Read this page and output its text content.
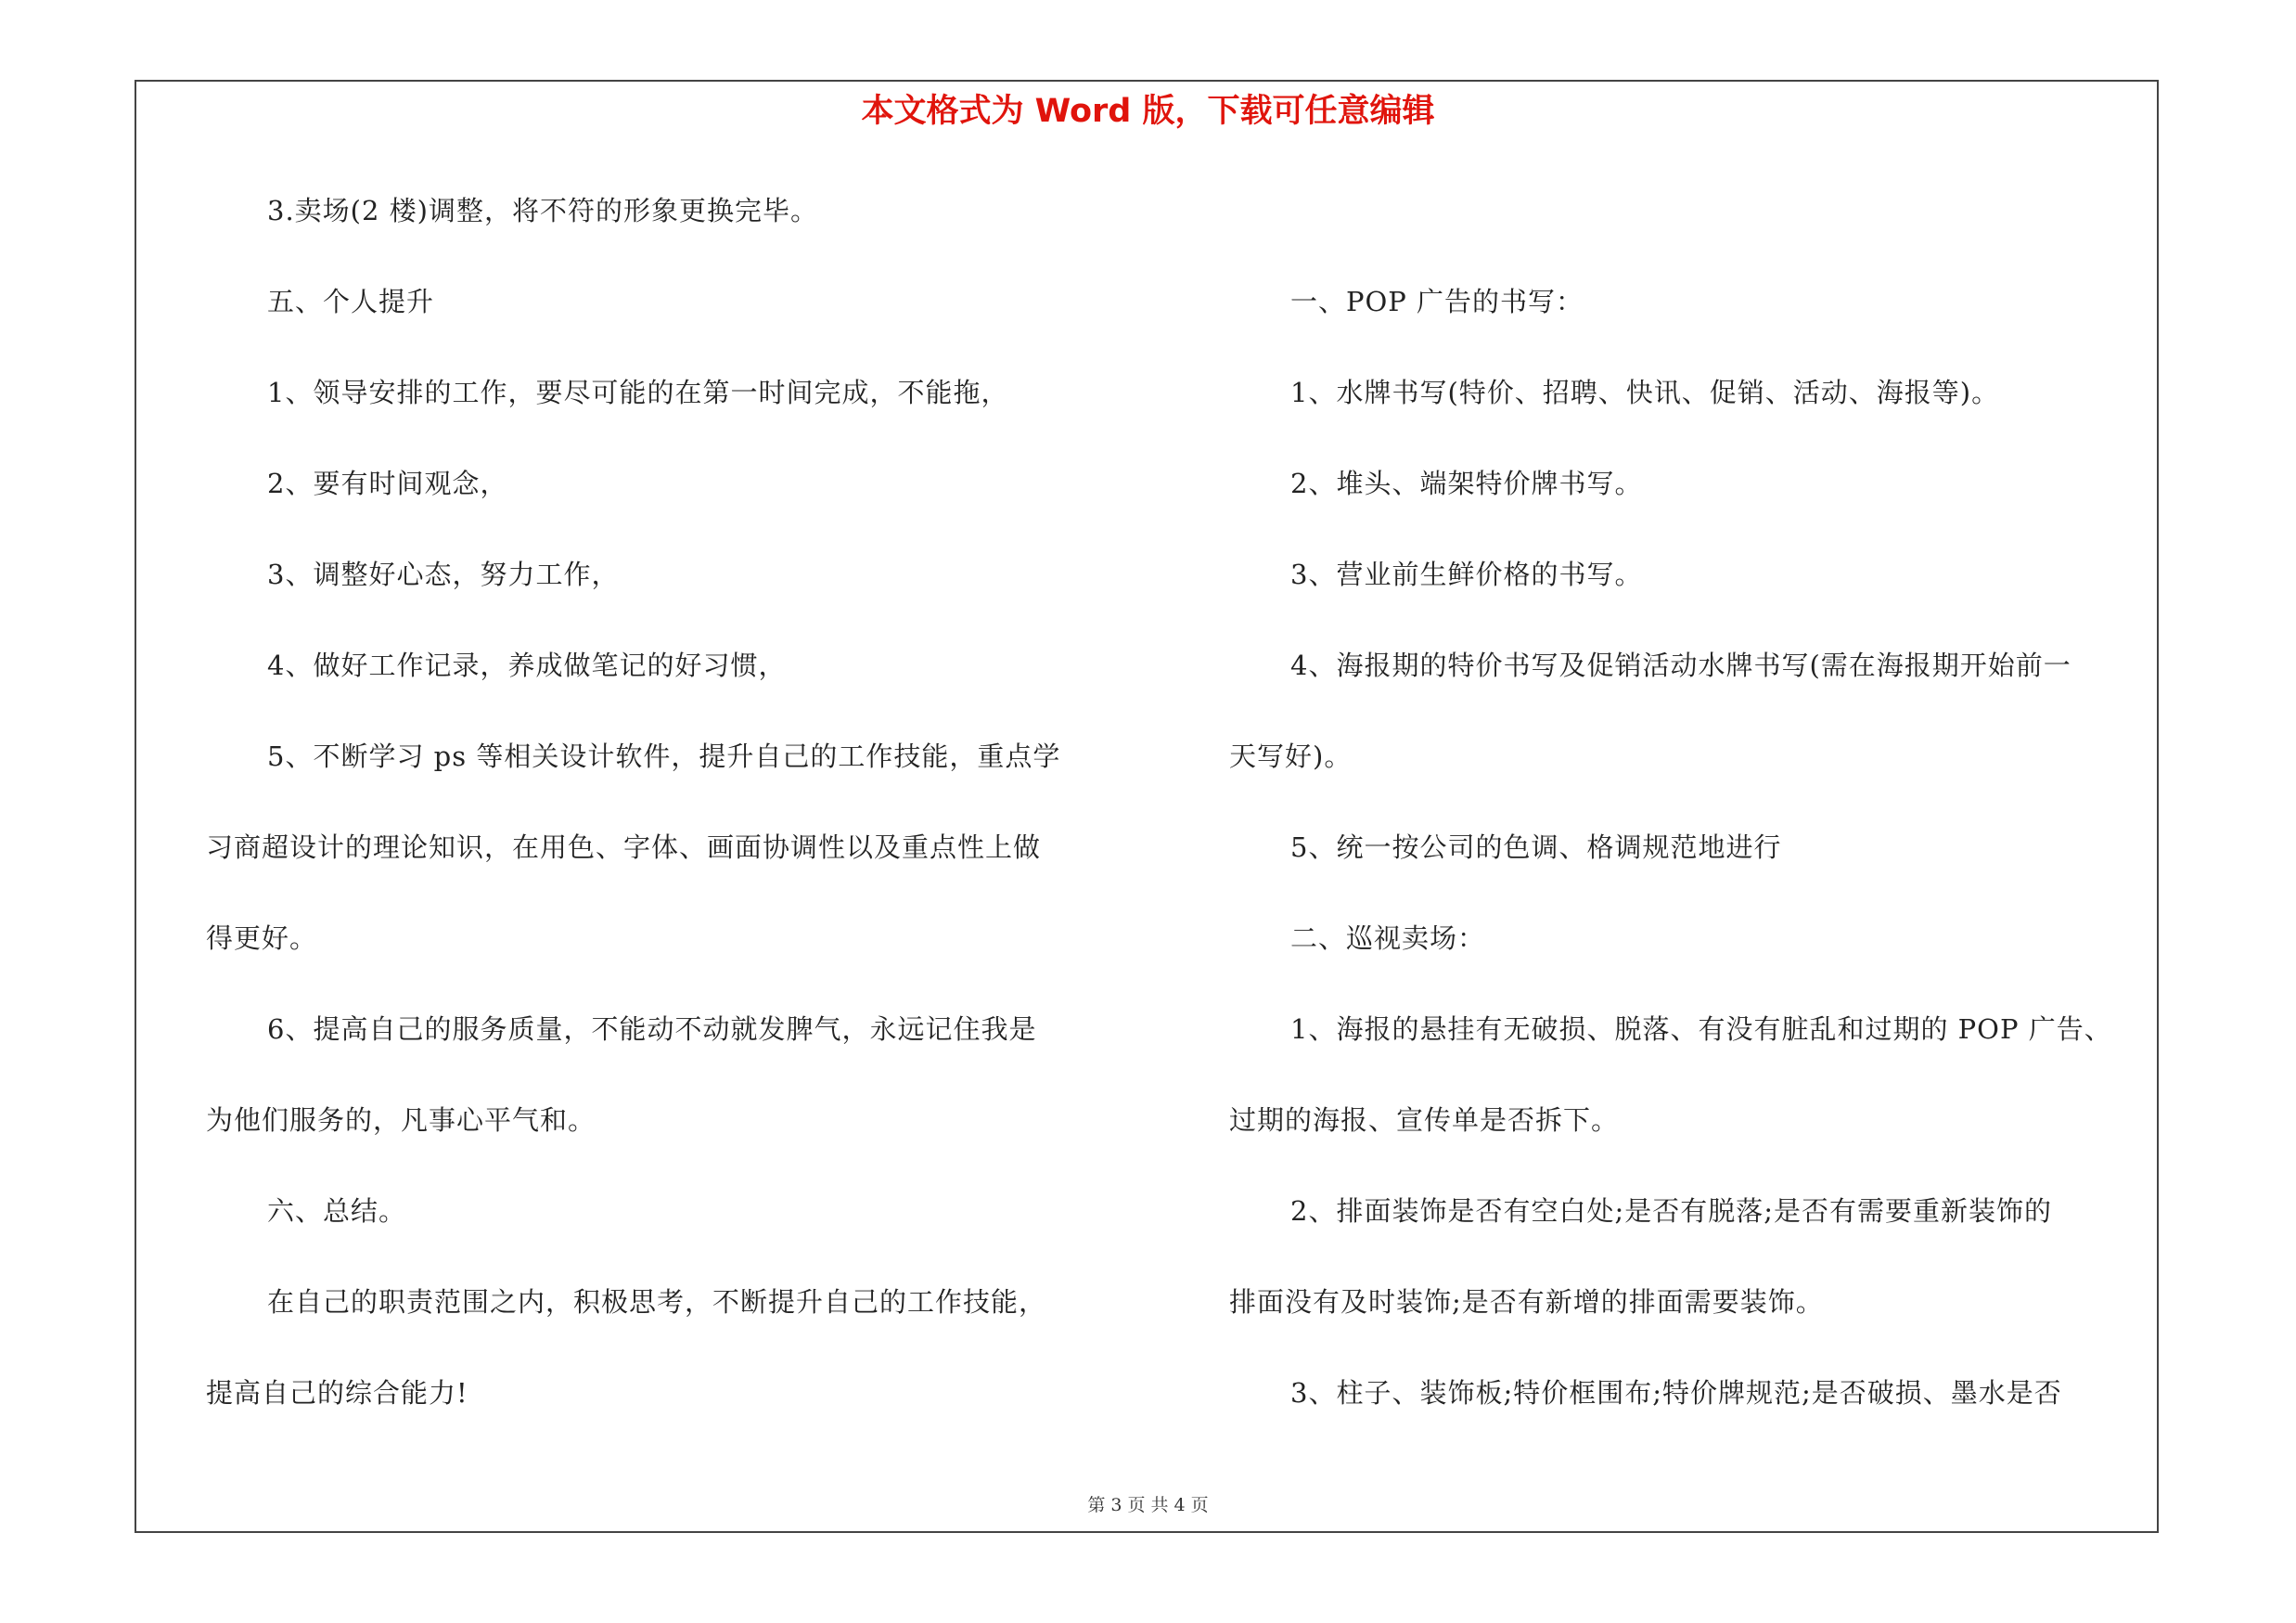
本文格式为 Word 版，下载可任意编辑
3.卖场(2 楼)调整，将不符的形象更换完毕。
五、个人提升
1、领导安排的工作，要尽可能的在第一时间完成，不能拖，
2、要有时间观念，
3、调整好心态，努力工作，
4、做好工作记录，养成做笔记的好习惯，
5、不断学习 ps 等相关设计软件，提升自己的工作技能，重点学
习商超设计的理论知识，在用色、字体、画面协调性以及重点性上做
得更好。
6、提高自己的服务质量，不能动不动就发脾气，永远记住我是
为他们服务的，凡事心平气和。
六、总结。
在自己的职责范围之内，积极思考，不断提升自己的工作技能，
提高自己的综合能力!
一、POP 广告的书写：
1、水牌书写(特价、招聘、快讯、促销、活动、海报等)。
2、堆头、端架特价牌书写。
3、营业前生鲜价格的书写。
4、海报期的特价书写及促销活动水牌书写(需在海报期开始前一
天写好)。
5、统一按公司的色调、格调规范地进行
二、巡视卖场：
1、海报的悬挂有无破损、脱落、有没有脏乱和过期的 POP 广告、
过期的海报、宣传单是否拆下。
2、排面装饰是否有空白处;是否有脱落;是否有需要重新装饰的
排面没有及时装饰;是否有新增的排面需要装饰。
3、柱子、装饰板;特价框围布;特价牌规范;是否破损、墨水是否
第 3 页 共 4 页
